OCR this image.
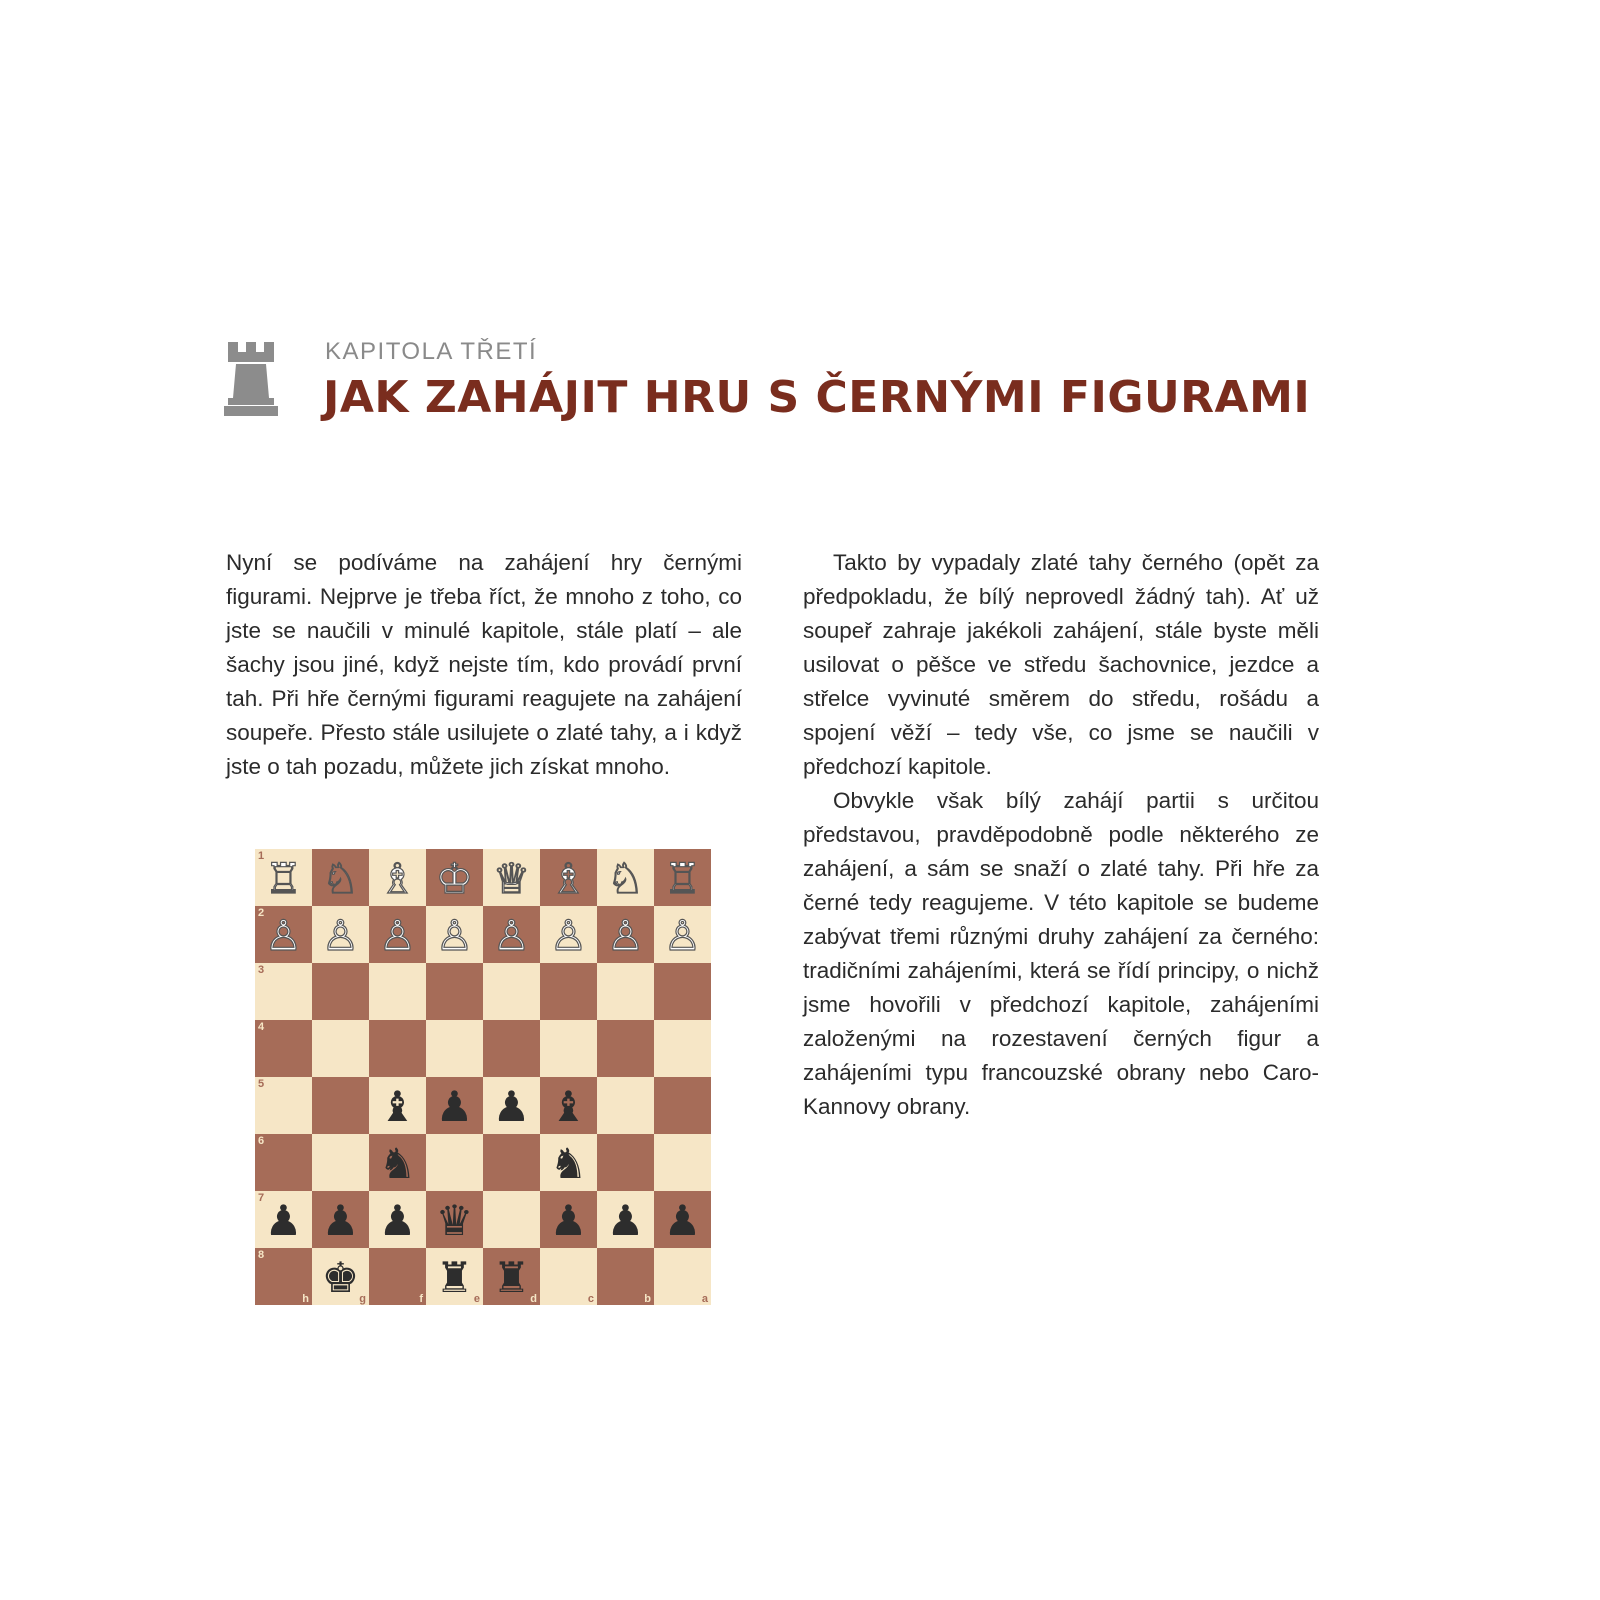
KAPITOLA TŘETÍ
JAK ZAHÁJIT HRU S ČERNÝMI FIGURAMI

Nyní se podíváme na zahájení hry černými figurami. Nejprve je třeba říct, že mnoho z toho, co jste se naučili v minulé kapitole, stále platí – ale šachy jsou jiné, když nejste tím, kdo provádí první tah. Při hře černými figurami reagujete na zahájení soupeře. Přesto stále usilujete o zlaté tahy, a i když jste o tah pozadu, můžete jich získat mnoho.

1 ♖ ♘ ♗ ♔ ♕ ♗ ♘ ♖
2 ♙ ♙ ♙ ♙ ♙ ♙ ♙ ♙
3
4
5	♝ ♟ ♟ ♝
6	♞	♞
7 ♟ ♟ ♟ ♛ ♟ ♟ ♟
8
h	g
♚	f	e
♜	d
♜	c	b	a

Takto by vypadaly zlaté tahy černého (opět za předpokladu, že bílý neprovedl žádný tah). Ať už soupeř zahraje jakékoli zahájení, stále byste měli usilovat o pěšce ve středu šachovnice, jezdce a střelce vyvinuté směrem do středu, rošádu a spojení věží – tedy vše, co jsme se naučili v předchozí kapitole.

Obvykle však bílý zahájí partii s určitou představou, pravděpodobně podle některého ze zahájení, a sám se snaží o zlaté tahy. Při hře za černé tedy reagujeme. V této kapitole se budeme zabývat třemi různými druhy zahájení za černého: tradičními zahájeními, která se řídí principy, o nichž jsme hovořili v předchozí kapitole, zahájeními založenými na rozestavení černých figur a zahájeními typu francouzské obrany nebo Caro-Kannovy obrany.
